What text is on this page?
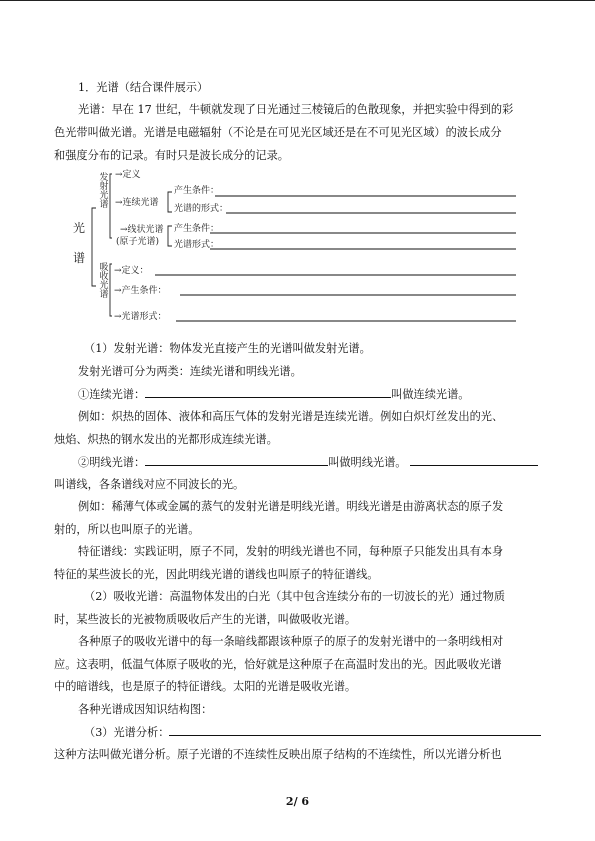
1．光谱（结合课件展示）
光谱：早在 17 世纪，牛顿就发现了日光通过三棱镜后的色散现象，并把实验中得到的彩
色光带叫做光谱。光谱是电磁辐射（不论是在可见光区域还是在不可见光区域）的波长成分
和强度分布的记录。有时只是波长成分的记录。
光
谱
发射光谱
吸收光谱
→定义
→连续光谱
产生条件：
光谱的形式：
→线状光谱
(原子光谱)
产生条件：
光谱形式：
→定义：
→产生条件：
→光谱形式：
（1）发射光谱：物体发光直接产生的光谱叫做发射光谱。
发射光谱可分为两类：连续光谱和明线光谱。
①连续光谱：	叫做连续光谱。
例如：炽热的固体、液体和高压气体的发射光谱是连续光谱。例如白炽灯丝发出的光、
烛焰、炽热的钢水发出的光都形成连续光谱。
②明线光谱：	叫做明线光谱。
叫谱线，各条谱线对应不同波长的光。
例如：稀薄气体或金属的蒸气的发射光谱是明线光谱。明线光谱是由游离状态的原子发
射的，所以也叫原子的光谱。
特征谱线：实践证明，原子不同，发射的明线光谱也不同，每种原子只能发出具有本身
特征的某些波长的光，因此明线光谱的谱线也叫原子的特征谱线。
（2）吸收光谱：高温物体发出的白光（其中包含连续分布的一切波长的光）通过物质
时，某些波长的光被物质吸收后产生的光谱，叫做吸收光谱。
各种原子的吸收光谱中的每一条暗线都跟该种原子的原子的发射光谱中的一条明线相对
应。这表明，低温气体原子吸收的光，恰好就是这种原子在高温时发出的光。因此吸收光谱
中的暗谱线，也是原子的特征谱线。太阳的光谱是吸收光谱。
各种光谱成因知识结构图：
（3）光谱分析：
这种方法叫做光谱分析。原子光谱的不连续性反映出原子结构的不连续性，所以光谱分析也
2/ 6
